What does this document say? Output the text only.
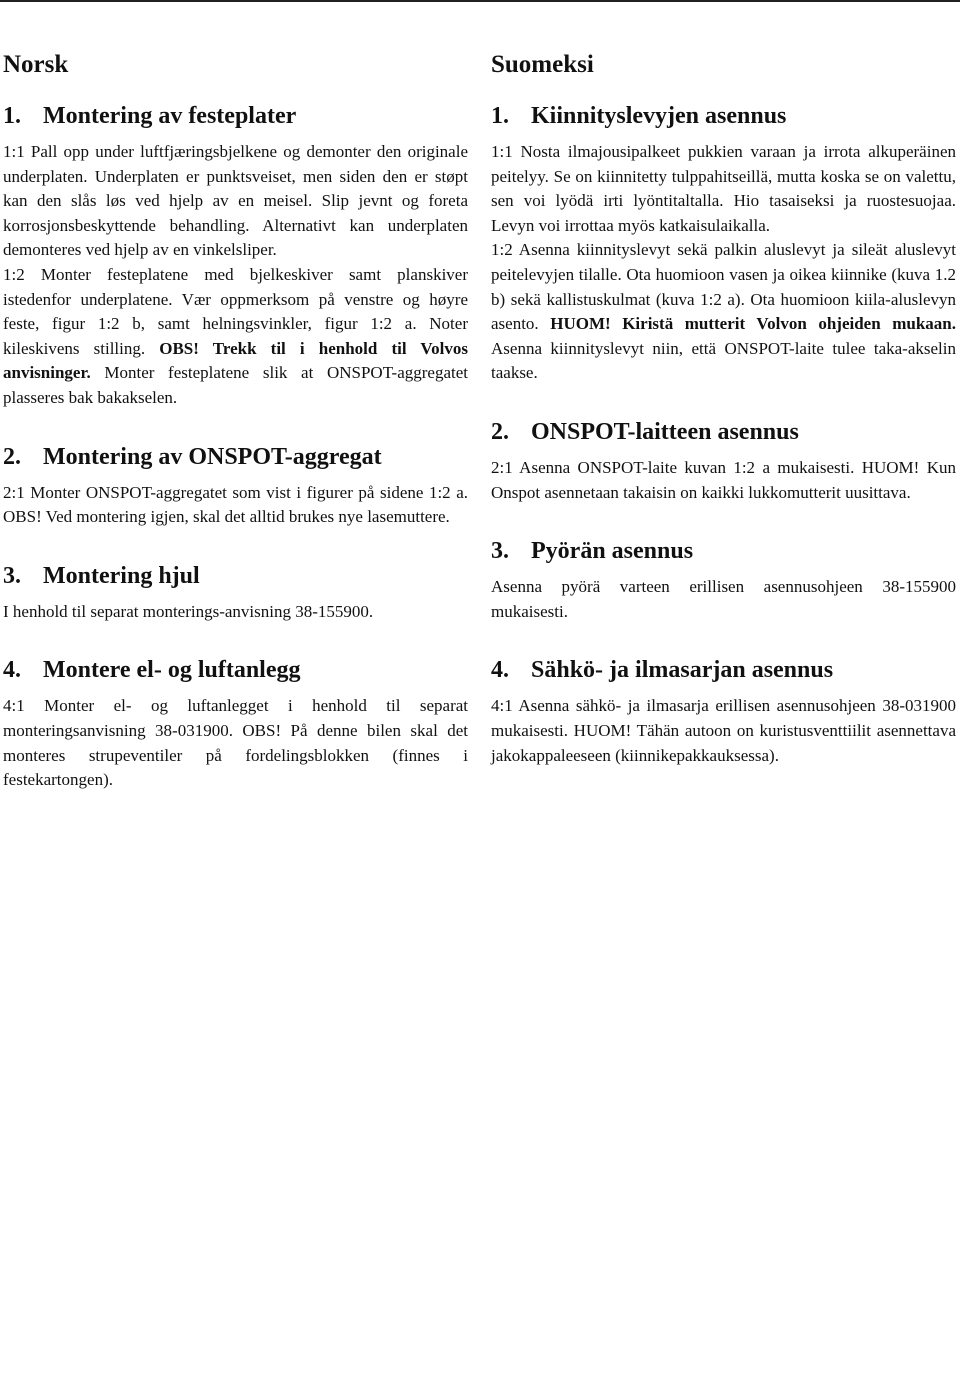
Norsk
1. Montering av festeplater

1:1 Pall opp under luftfjæringsbjelkene og demonter den originale underplaten. Underplaten er punktsveiset, men siden den er støpt kan den slås løs ved hjelp av en meisel. Slip jevnt og foreta korrosjonsbeskyttende behandling. Alternativt kan underplaten demonteres ved hjelp av en vinkelsliper.

1:2 Monter festeplatene med bjelkeskiver samt planskiver istedenfor underplatene. Vær oppmerksom på venstre og høyre feste, figur 1:2 b, samt helningsvinkler, figur 1:2 a. Noter kileskivens stilling. OBS! Trekk til i henhold til Volvos anvisninger. Monter festeplatene slik at ONSPOT-aggregatet plasseres bak bakakselen.

2. Montering av ONSPOT-aggregat

2:1 Monter ONSPOT-aggregatet som vist i figurer på sidene 1:2 a. OBS! Ved montering igjen, skal det alltid brukes nye lasemuttere.

3. Montering hjul

I henhold til separat monterings-anvisning 38-155900.

4. Montere el- og luftanlegg

4:1 Monter el- og luftanlegget i henhold til separat monteringsanvisning 38-031900. OBS! På denne bilen skal det monteres strupeventiler på fordelingsblokken (finnes i festekartongen).

Suomeksi
1. Kiinnityslevyjen asennus

1:1 Nosta ilmajousipalkeet pukkien varaan ja irrota alkuperäinen peitelyy. Se on kiinnitetty tulppahitseillä, mutta koska se on valettu, sen voi lyödä irti lyöntitaltalla. Hio tasaiseksi ja ruostesuojaa. Levyn voi irrottaa myös katkaisulaikalla.

1:2 Asenna kiinnityslevyt sekä palkin aluslevyt ja sileät aluslevyt peitelevyjen tilalle. Ota huomioon vasen ja oikea kiinnike (kuva 1.2 b) sekä kallistuskulmat (kuva 1:2 a). Ota huomioon kiila-aluslevyn asento. HUOM! Kiristä mutterit Volvon ohjeiden mukaan. Asenna kiinnityslevyt niin, että ONSPOT-laite tulee taka-akselin taakse.

2. ONSPOT-laitteen asennus

2:1 Asenna ONSPOT-laite kuvan 1:2 a mukaisesti. HUOM! Kun Onspot asennetaan takaisin on kaikki lukkomutterit uusittava.

3. Pyörän asennus

Asenna pyörä varteen erillisen asennusohjeen 38-155900 mukaisesti.

4. Sähkö- ja ilmasarjan asennus

4:1 Asenna sähkö- ja ilmasarja erillisen asennusohjeen 38-031900 mukaisesti. HUOM! Tähän autoon on kuristusventtiilit asennettava jakokappaleeseen (kiinnikepakkauksessa).
